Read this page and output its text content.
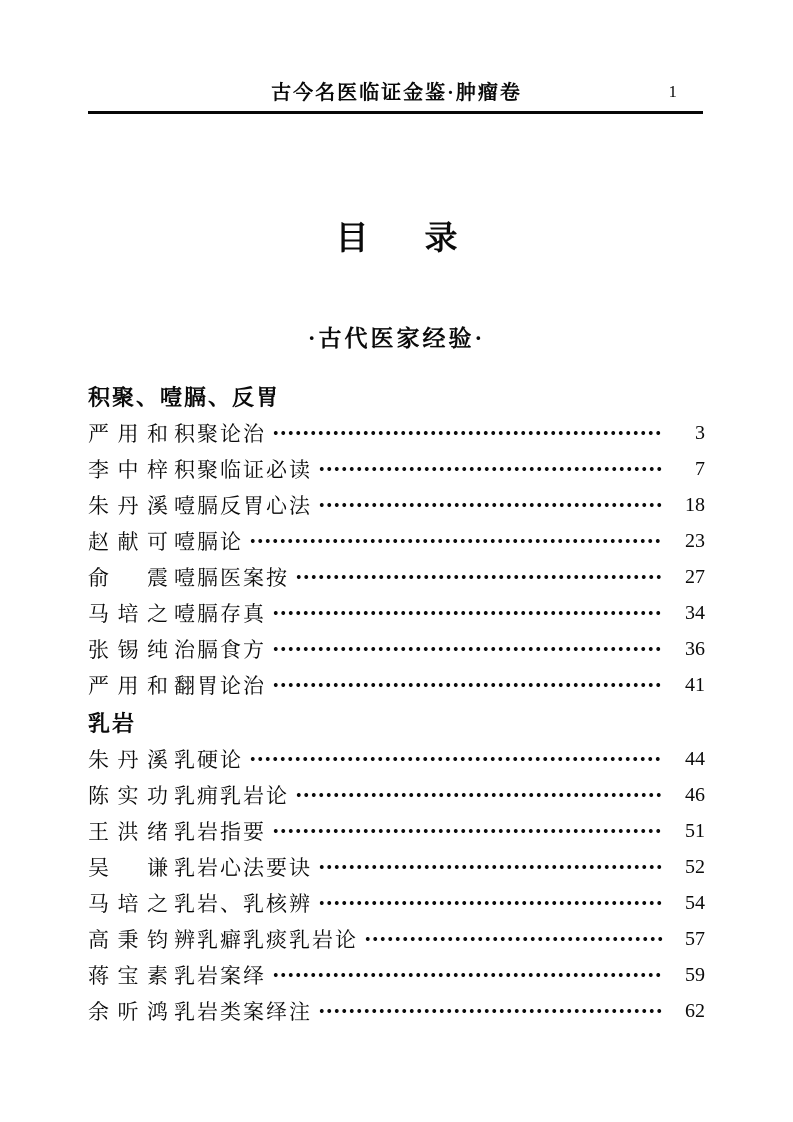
古今名医临证金鉴·肿瘤卷	1
目 录
·古代医家经验·
积聚、噎膈、反胃
严用和 积聚论治	3
李中梓 积聚临证必读	7
朱丹溪 噎膈反胃心法	18
赵献可 噎膈论	23
俞 震 噎膈医案按	27
马培之 噎膈存真	34
张锡纯 治膈食方	36
严用和 翻胃论治	41
乳岩
朱丹溪 乳硬论	44
陈实功 乳痈乳岩论	46
王洪绪 乳岩指要	51
吴 谦 乳岩心法要诀	52
马培之 乳岩、乳核辨	54
高秉钧 辨乳癖乳痰乳岩论	57
蒋宝素 乳岩案绎	59
余听鸿 乳岩类案绎注	62
